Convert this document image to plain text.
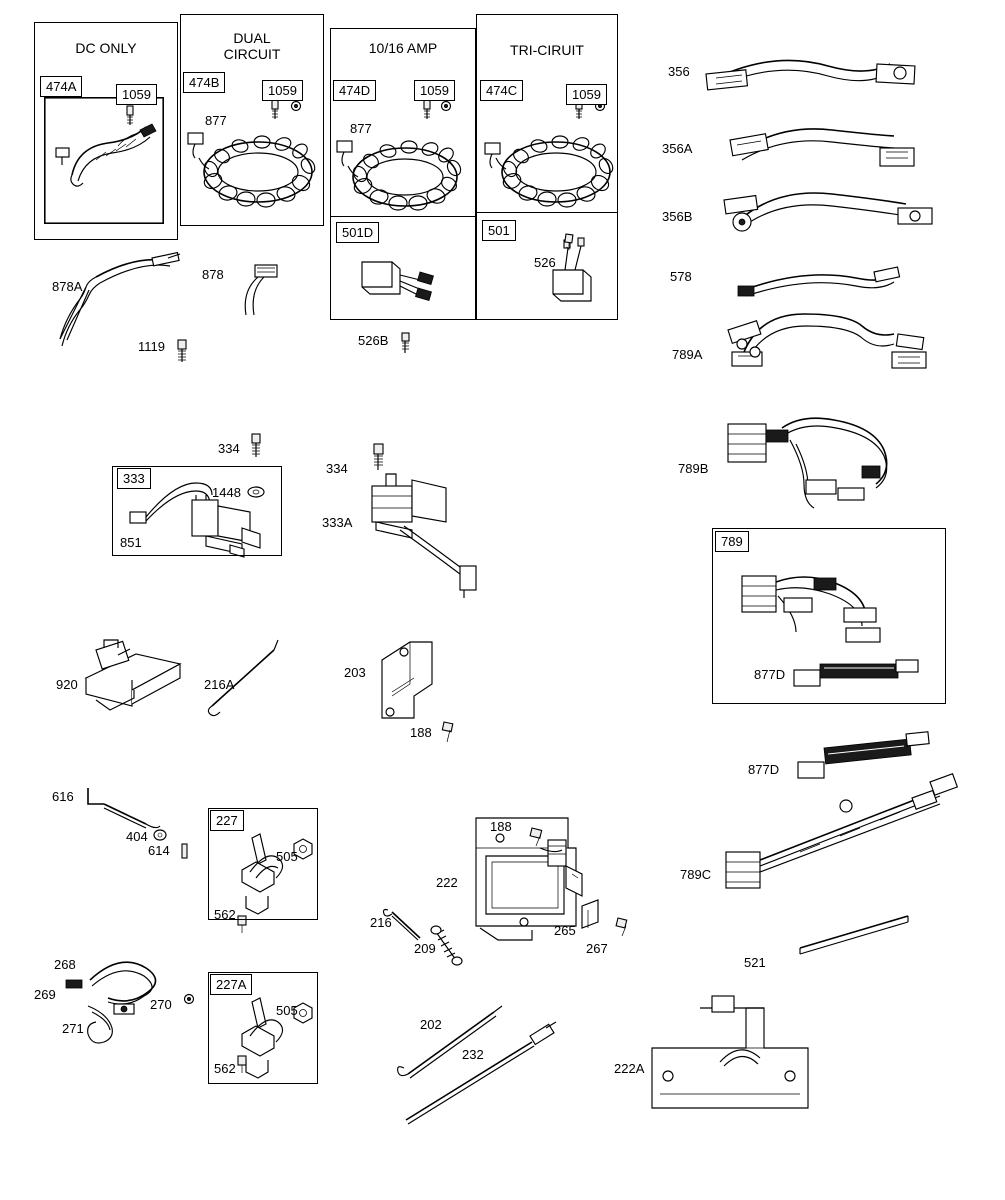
DC ONLY
DUAL
CIRCUIT	10/16 AMP	TRI-CIRUIT
474A
1059
474B
1059	474D	1059	474C	1059
501D	501
333
227
227A
789
877
877
878A
878
1119	526B
526
356
356A
356B
578
789A
789B
877D
877D
789C
334
334
1448
851
333A
920	216A
203
188
616
404
614	505
562
505
562
268
269
270
271
188
222
216
209
265
267
202
232
521
222A
